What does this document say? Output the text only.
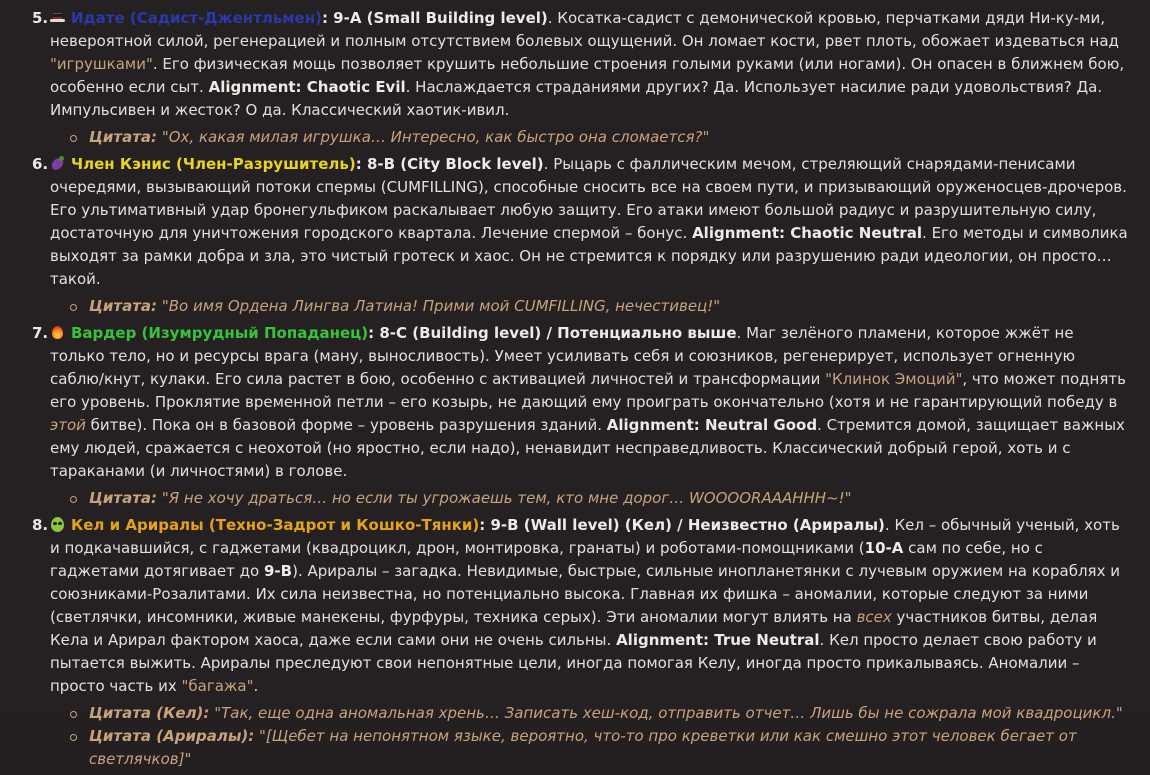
5.	Идате (Садист-Джентльмен): 9-A (Small Building level). Косатка-садист с демонической кровью, перчатками дяди Ни-ку-ми, невероятной силой, регенерацией и полным отсутствием болевых ощущений. Он ломает кости, рвет плоть, обожает издеваться над "игрушками". Его физическая мощь позволяет крушить небольшие строения голыми руками (или ногами). Он опасен в ближнем бою, особенно если сыт. Alignment: Chaotic Evil. Наслаждается страданиями других? Да. Использует насилие ради удовольствия? Да. Импульсивен и жесток? О да. Классический хаотик-ивил.
Цитата: "Ох, какая милая игрушка… Интересно, как быстро она сломается?"
6.	Член Кэнис (Член-Разрушитель): 8-B (City Block level). Рыцарь с фаллическим мечом, стреляющий снарядами-пенисами очередями, вызывающий потоки спермы (CUMFILLING), способные сносить все на своем пути, и призывающий оруженосцев-дрочеров. Его ультимативный удар бронегульфиком раскалывает любую защиту. Его атаки имеют большой радиус и разрушительную силу, достаточную для уничтожения городского квартала. Лечение спермой – бонус. Alignment: Chaotic Neutral. Его методы и символика выходят за рамки добра и зла, это чистый гротеск и хаос. Он не стремится к порядку или разрушению ради идеологии, он просто… такой.
Цитата: "Во имя Ордена Лингва Латина! Прими мой CUMFILLING, нечестивец!"
7.	Вардер (Изумрудный Попаданец): 8-C (Building level) / Потенциально выше. Маг зелёного пламени, которое жжёт не только тело, но и ресурсы врага (ману, выносливость). Умеет усиливать себя и союзников, регенерирует, использует огненную саблю/кнут, кулаки. Его сила растет в бою, особенно с активацией личностей и трансформации "Клинок Эмоций", что может поднять его уровень. Проклятие временной петли – его козырь, не дающий ему проиграть окончательно (хотя и не гарантирующий победу в этой битве). Пока он в базовой форме – уровень разрушения зданий. Alignment: Neutral Good. Стремится домой, защищает важных ему людей, сражается с неохотой (но яростно, если надо), ненавидит несправедливость. Классический добрый герой, хоть и с тараканами (и личностями) в голове.
Цитата: "Я не хочу драться… но если ты угрожаешь тем, кто мне дорог… WOOOORAAAHHH~!"
8.	Кел и Ариралы (Техно-Задрот и Кошко-Тянки): 9-B (Wall level) (Кел) / Неизвестно (Ариралы). Кел – обычный ученый, хоть и подкачавшийся, с гаджетами (квадроцикл, дрон, монтировка, гранаты) и роботами-помощниками (10-A сам по себе, но с гаджетами дотягивает до 9-B). Ариралы – загадка. Невидимые, быстрые, сильные инопланетянки с лучевым оружием на кораблях и союзниками-Розалитами. Их сила неизвестна, но потенциально высока. Главная их фишка – аномалии, которые следуют за ними (светлячки, инсомники, живые манекены, фурфуры, техника серых). Эти аномалии могут влиять на всех участников битвы, делая Кела и Арирал фактором хаоса, даже если сами они не очень сильны. Alignment: True Neutral. Кел просто делает свою работу и пытается выжить. Ариралы преследуют свои непонятные цели, иногда помогая Келу, иногда просто прикалываясь. Аномалии – просто часть их "багажа".
Цитата (Кел): "Так, еще одна аномальная хрень… Записать хеш-код, отправить отчет… Лишь бы не сожрала мой квадроцикл."
Цитата (Ариралы): "[Щебет на непонятном языке, вероятно, что-то про креветки или как смешно этот человек бегает от светлячков]"
